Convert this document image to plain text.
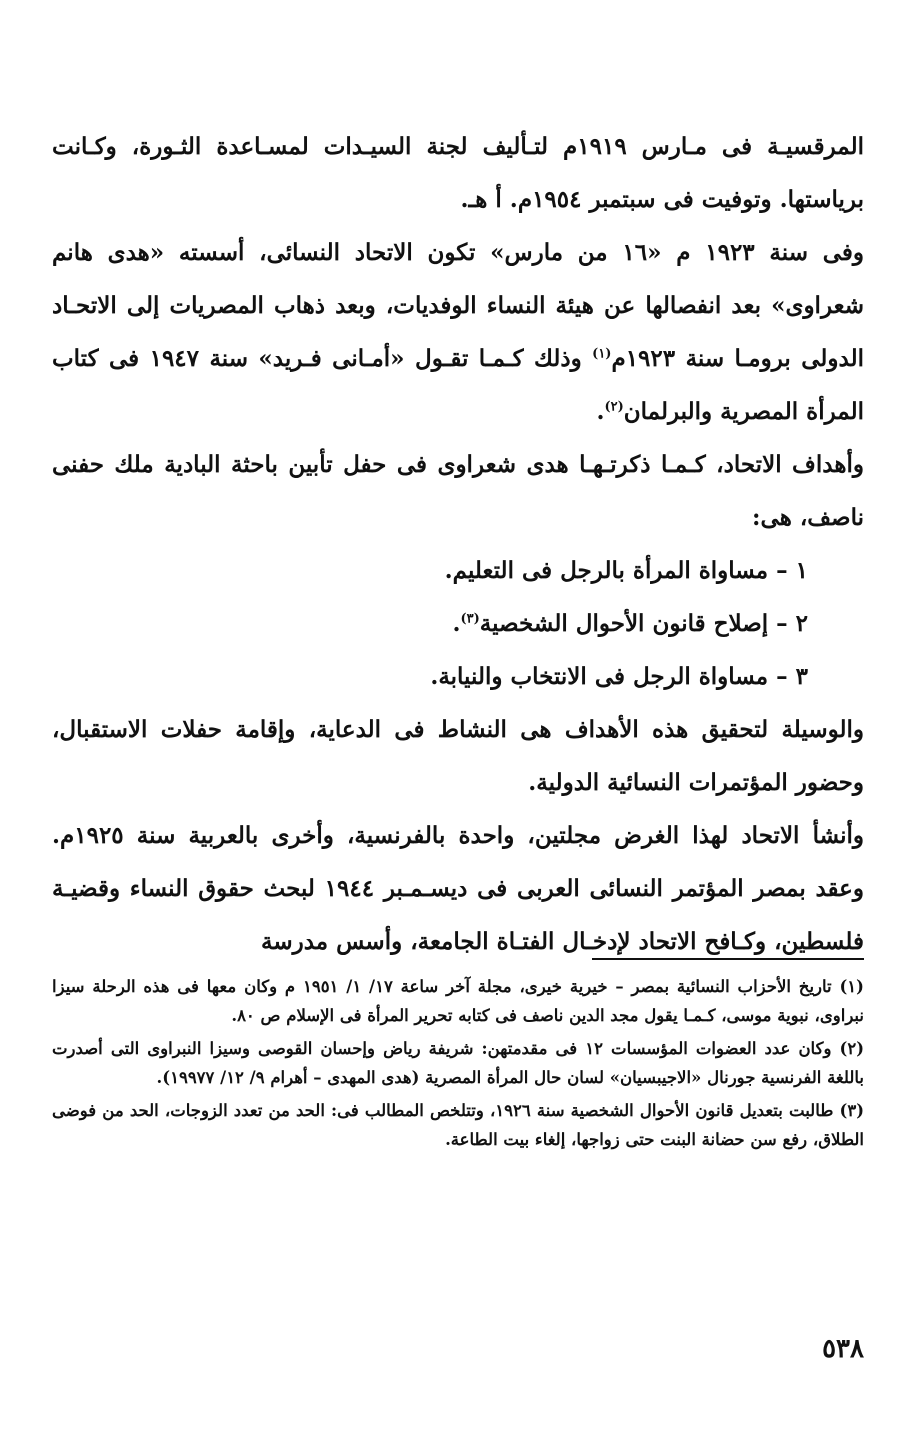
المرقسيـة فى مـارس ١٩١٩م لتـأليف لجنة السيـدات لمسـاعدة الثـورة، وكـانت برياستها. وتوفيت فى سبتمبر ١٩٥٤م. أ هـ.

وفى سنة ١٩٢٣ م «١٦ من مارس» تكون الاتحاد النسائى، أسسته «هدى هانم شعراوى» بعد انفصالها عن هيئة النساء الوفديات، وبعد ذهاب المصريات إلى الاتحـاد الدولى برومـا سنة ١٩٢٣م$^{(١)}$ وذلك كـمـا تقـول «أمـانى فـريد» سنة ١٩٤٧ فى كتاب المرأة المصرية والبرلمان$^{(٢)}$.

وأهداف الاتحاد، كـمـا ذكرتـهـا هدى شعراوى فى حفل تأبين باحثة البادية ملك حفنى ناصف، هى:

١ – مساواة المرأة بالرجل فى التعليم.

٢ – إصلاح قانون الأحوال الشخصية$^{(٣)}$.

٣ – مساواة الرجل فى الانتخاب والنيابة.

والوسيلة لتحقيق هذه الأهداف هى النشاط فى الدعاية، وإقامة حفلات الاستقبال، وحضور المؤتمرات النسائية الدولية.

وأنشأ الاتحاد لهذا الغرض مجلتين، واحدة بالفرنسية، وأخرى بالعربية سنة ١٩٢٥م. وعقد بمصر المؤتمر النسائى العربى فى ديسـمـبر ١٩٤٤ لبحث حقوق النساء وقضيـة فلسطين، وكـافح الاتحاد لإدخـال الفتـاة الجامعة، وأسس مدرسة

(١) تاريخ الأحزاب النسائية بمصر – خيرية خيرى، مجلة آخر ساعة ١٧/ ١/ ١٩٥١ م وكان معها فى هذه الرحلة سيزا نبراوى، نبوية موسى، كـمـا يقول مجد الدين ناصف فى كتابه تحرير المرأة فى الإسلام ص ٨٠.

(٢) وكان عدد العضوات المؤسسات ١٢ فى مقدمتهن: شريفة رياض وإحسان القوصى وسيزا النبراوى التى أصدرت باللغة الفرنسية جورنال «الاجيبسيان» لسان حال المرأة المصرية (هدى المهدى – أهرام ٩/ ١٢/ ١٩٩٧٧).

(٣) طالبت بتعديل قانون الأحوال الشخصية سنة ١٩٢٦، وتتلخص المطالب فى: الحد من تعدد الزوجات، الحد من فوضى الطلاق، رفع سن حضانة البنت حتى زواجها، إلغاء بيت الطاعة.

٥٣٨
